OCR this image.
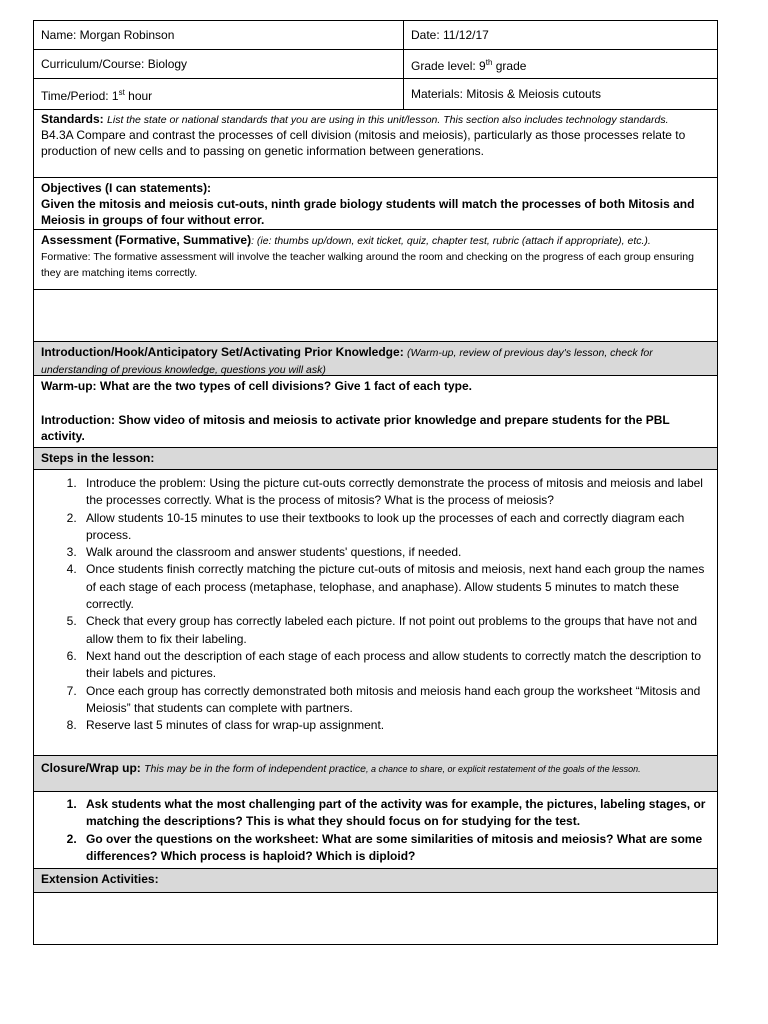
Name: Morgan Robinson	Date: 11/12/17
Curriculum/Course: Biology	Grade level: 9th grade
Time/Period: 1st hour	Materials: Mitosis & Meiosis cutouts
Standards: List the state or national standards that you are using in this unit/lesson. This section also includes technology standards.
B4.3A Compare and contrast the processes of cell division (mitosis and meiosis), particularly as those processes relate to production of new cells and to passing on genetic information between generations.
Objectives (I can statements):
Given the mitosis and meiosis cut-outs, ninth grade biology students will match the processes of both Mitosis and Meiosis in groups of four without error.
Assessment (Formative, Summative): (ie: thumbs up/down, exit ticket, quiz, chapter test, rubric (attach if appropriate), etc.).
Formative: The formative assessment will involve the teacher walking around the room and checking on the progress of each group ensuring they are matching items correctly.
Introduction/Hook/Anticipatory Set/Activating Prior Knowledge: (Warm-up, review of previous day's lesson, check for understanding of previous knowledge, questions you will ask)
Warm-up: What are the two types of cell divisions? Give 1 fact of each type.
Introduction: Show video of mitosis and meiosis to activate prior knowledge and prepare students for the PBL activity.
Steps in the lesson:
1. Introduce the problem: Using the picture cut-outs correctly demonstrate the process of mitosis and meiosis and label the processes correctly. What is the process of mitosis? What is the process of meiosis?
2. Allow students 10-15 minutes to use their textbooks to look up the processes of each and correctly diagram each process.
3. Walk around the classroom and answer students' questions, if needed.
4. Once students finish correctly matching the picture cut-outs of mitosis and meiosis, next hand each group the names of each stage of each process (metaphase, telophase, and anaphase). Allow students 5 minutes to match these correctly.
5. Check that every group has correctly labeled each picture. If not point out problems to the groups that have not and allow them to fix their labeling.
6. Next hand out the description of each stage of each process and allow students to correctly match the description to their labels and pictures.
7. Once each group has correctly demonstrated both mitosis and meiosis hand each group the worksheet “Mitosis and Meiosis” that students can complete with partners.
8. Reserve last 5 minutes of class for wrap-up assignment.
Closure/Wrap up: This may be in the form of independent practice, a chance to share, or explicit restatement of the goals of the lesson.
1. Ask students what the most challenging part of the activity was for example, the pictures, labeling stages, or matching the descriptions? This is what they should focus on for studying for the test.
2. Go over the questions on the worksheet: What are some similarities of mitosis and meiosis? What are some differences? Which process is haploid? Which is diploid?
Extension Activities:
